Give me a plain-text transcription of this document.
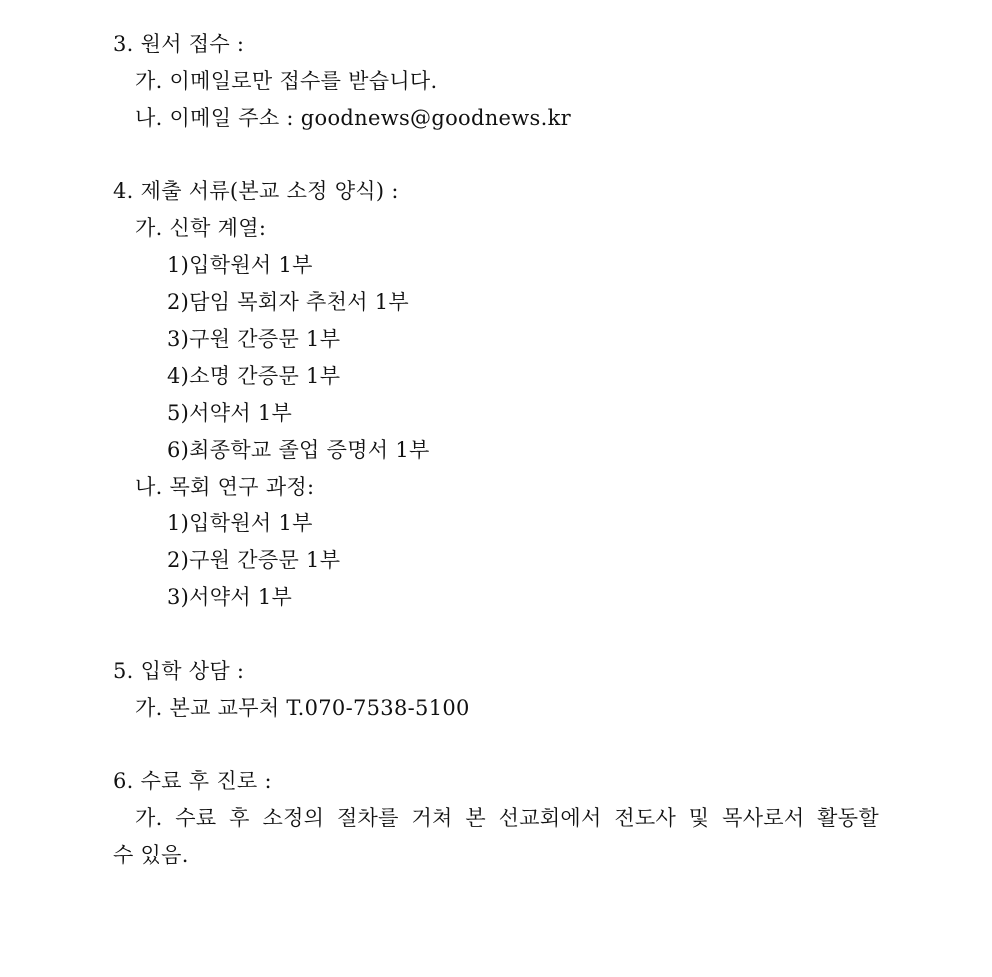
3. 원서 접수 :
가. 이메일로만 접수를 받습니다.
나. 이메일 주소 : goodnews@goodnews.kr
4. 제출 서류(본교 소정 양식) :
가. 신학 계열:
1)입학원서 1부
2)담임 목회자 추천서 1부
3)구원 간증문 1부
4)소명 간증문 1부
5)서약서 1부
6)최종학교 졸업 증명서 1부
나. 목회 연구 과정:
1)입학원서 1부
2)구원 간증문 1부
3)서약서 1부
5. 입학 상담 :
가. 본교 교무처 T.070-7538-5100
6. 수료 후 진로 :
가. 수료 후 소정의 절차를 거쳐 본 선교회에서 전도사 및 목사로서 활동할
수 있음.
